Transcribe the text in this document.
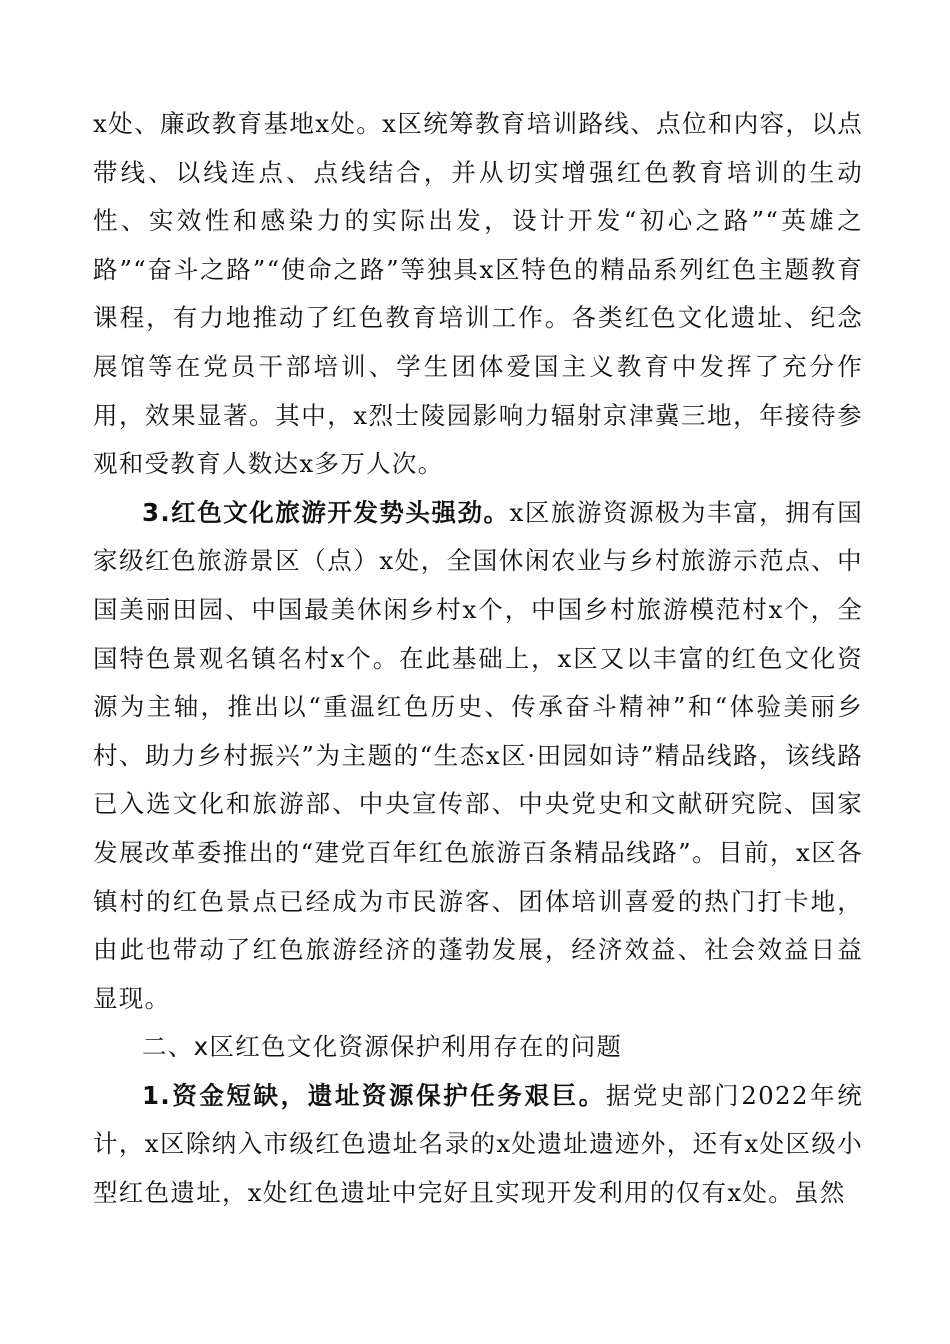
x处、廉政教育基地x处。x区统筹教育培训路线、点位和内容，以点带线、以线连点、点线结合，并从切实增强红色教育培训的生动性、实效性和感染力的实际出发，设计开发“初心之路”“英雄之路”“奋斗之路”“使命之路”等独具x区特色的精品系列红色主题教育课程，有力地推动了红色教育培训工作。各类红色文化遗址、纪念展馆等在党员干部培训、学生团体爱国主义教育中发挥了充分作用，效果显著。其中，x烈士陵园影响力辐射京津冀三地，年接待参观和受教育人数达x多万人次。

3.红色文化旅游开发势头强劲。x区旅游资源极为丰富，拥有国家级红色旅游景区（点）x处，全国休闲农业与乡村旅游示范点、中国美丽田园、中国最美休闲乡村x个，中国乡村旅游模范村x个，全国特色景观名镇名村x个。在此基础上，x区又以丰富的红色文化资源为主轴，推出以“重温红色历史、传承奋斗精神”和“体验美丽乡村、助力乡村振兴”为主题的“生态x区·田园如诗”精品线路，该线路已入选文化和旅游部、中央宣传部、中央党史和文献研究院、国家发展改革委推出的“建党百年红色旅游百条精品线路”。目前，x区各镇村的红色景点已经成为市民游客、团体培训喜爱的热门打卡地，由此也带动了红色旅游经济的蓬勃发展，经济效益、社会效益日益显现。

二、x区红色文化资源保护利用存在的问题

1.资金短缺，遗址资源保护任务艰巨。据党史部门2022年统计，x区除纳入市级红色遗址名录的x处遗址遗迹外，还有x处区级小型红色遗址，x处红色遗址中完好且实现开发利用的仅有x处。虽然
